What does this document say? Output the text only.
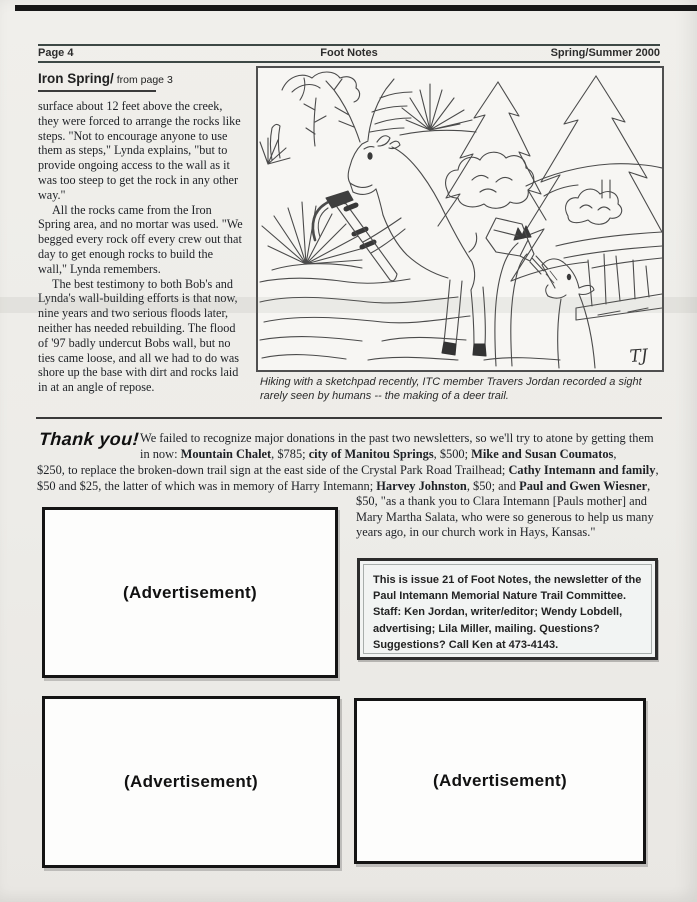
Page 4	Foot Notes	Spring/Summer 2000
Iron Spring/ from page 3

surface about 12 feet above the creek, they were forced to arrange the rocks like steps. "Not to encourage anyone to use them as steps," Lynda explains, "but to provide ongoing access to the wall as it was too steep to get the rock in any other way."

All the rocks came from the Iron Spring area, and no mortar was used. "We begged every rock off every crew out that day to get enough rocks to build the wall," Lynda remembers.

The best testimony to both Bob's and Lynda's wall-building efforts is that now, nine years and two serious floods later, neither has needed rebuilding. The flood of '97 badly undercut Bobs wall, but no ties came loose, and all we had to do was shore up the base with dirt and rocks laid in at an angle of repose.

TJ
Hiking with a sketchpad recently, ITC member Travers Jordan recorded a sight rarely seen by humans -- the making of a deer trail.
Thank you! We failed to recognize major donations in the past two newsletters, so we'll try to atone by getting them in now: Mountain Chalet, $785; city of Manitou Springs, $500; Mike and Susan Coumatos,
$250, to replace the broken-down trail sign at the east side of the Crystal Park Road Trailhead; Cathy Intemann and family, $50 and $25, the latter of which was in memory of Harry Intemann; Harvey Johnston, $50; and Paul and Gwen Wiesner,
$50, "as a thank you to Clara Intemann [Pauls mother] and Mary Martha Salata, who were so generous to help us many years ago, in our church work in Hays, Kansas."
(Advertisement)
This is issue 21 of Foot Notes, the newsletter of the Paul Intemann Memorial Nature Trail Committee. Staff: Ken Jordan, writer/editor; Wendy Lobdell, advertising; Lila Miller, mailing. Questions? Suggestions? Call Ken at 473-4143.
(Advertisement)	(Advertisement)
